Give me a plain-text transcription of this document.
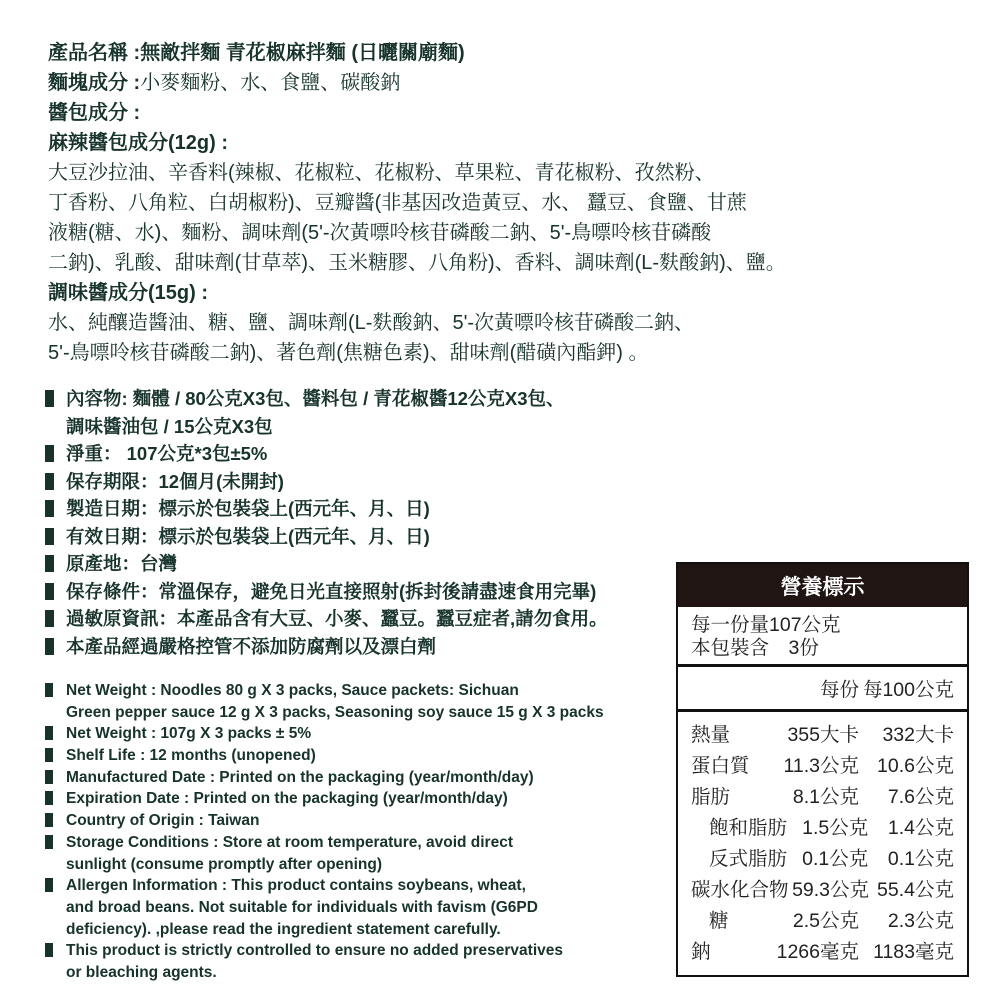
產品名稱 :無敵拌麵 青花椒麻拌麵 (日曬關廟麵)
麵塊成分 :小麥麵粉、水、食鹽、碳酸鈉
醬包成分 :
麻辣醬包成分(12g) :
大豆沙拉油、辛香料(辣椒、花椒粒、花椒粉、草果粒、青花椒粉、孜然粉、
丁香粉、八角粒、白胡椒粉)、豆瓣醬(非基因改造黃豆、水、 蠶豆、食鹽、甘蔗
液糖(糖、水)、麵粉、調味劑(5'-次黃嘌呤核苷磷酸二鈉、5'-鳥嘌呤核苷磷酸
二鈉)、乳酸、甜味劑(甘草萃)、玉米糖膠、八角粉)、香料、調味劑(L-麩酸鈉)、鹽。
調味醬成分(15g) :
水、純釀造醬油、糖、鹽、調味劑(L-麩酸鈉、5'-次黃嘌呤核苷磷酸二鈉、
5'-鳥嘌呤核苷磷酸二鈉)、著色劑(焦糖色素)、甜味劑(醋磺內酯鉀) 。
內容物: 麵體 / 80公克X3包、醬料包 / 青花椒醬12公克X3包、
調味醬油包 / 15公克X3包
淨重： 107公克*3包±5%
保存期限：12個月(未開封)
製造日期：標示於包裝袋上(西元年、月、日)
有效日期：標示於包裝袋上(西元年、月、日)
原產地：台灣
保存條件：常溫保存，避免日光直接照射(拆封後請盡速食用完畢)
過敏原資訊：本產品含有大豆、小麥、蠶豆。蠶豆症者,請勿食用。
本產品經過嚴格控管不添加防腐劑以及漂白劑
Net Weight : Noodles 80 g X 3 packs, Sauce packets: Sichuan
Green pepper sauce 12 g X 3 packs, Seasoning soy sauce 15 g X 3 packs
Net Weight : 107g X 3 packs ± 5%
Shelf Life : 12 months (unopened)
Manufactured Date : Printed on the packaging (year/month/day)
Expiration Date : Printed on the packaging (year/month/day)
Country of Origin : Taiwan
Storage Conditions : Store at room temperature, avoid direct
sunlight (consume promptly after opening)
Allergen Information : This product contains soybeans, wheat,
and broad beans. Not suitable for individuals with favism (G6PD
deficiency). ,please read the ingredient statement carefully.
This product is strictly controlled to ensure no added preservatives
or bleaching agents.
營養標示
每一份量107公克
本包裝含　3份
每份 每100公克
熱量	355大卡	332大卡
蛋白質	11.3公克 10.6公克
脂肪	8.1公克	7.6公克
飽和脂肪 1.5公克	1.4公克
反式脂肪 0.1公克	0.1公克
碳水化合物 59.3公克 55.4公克
糖	2.5公克	2.3公克
鈉	1266毫克 1183毫克
